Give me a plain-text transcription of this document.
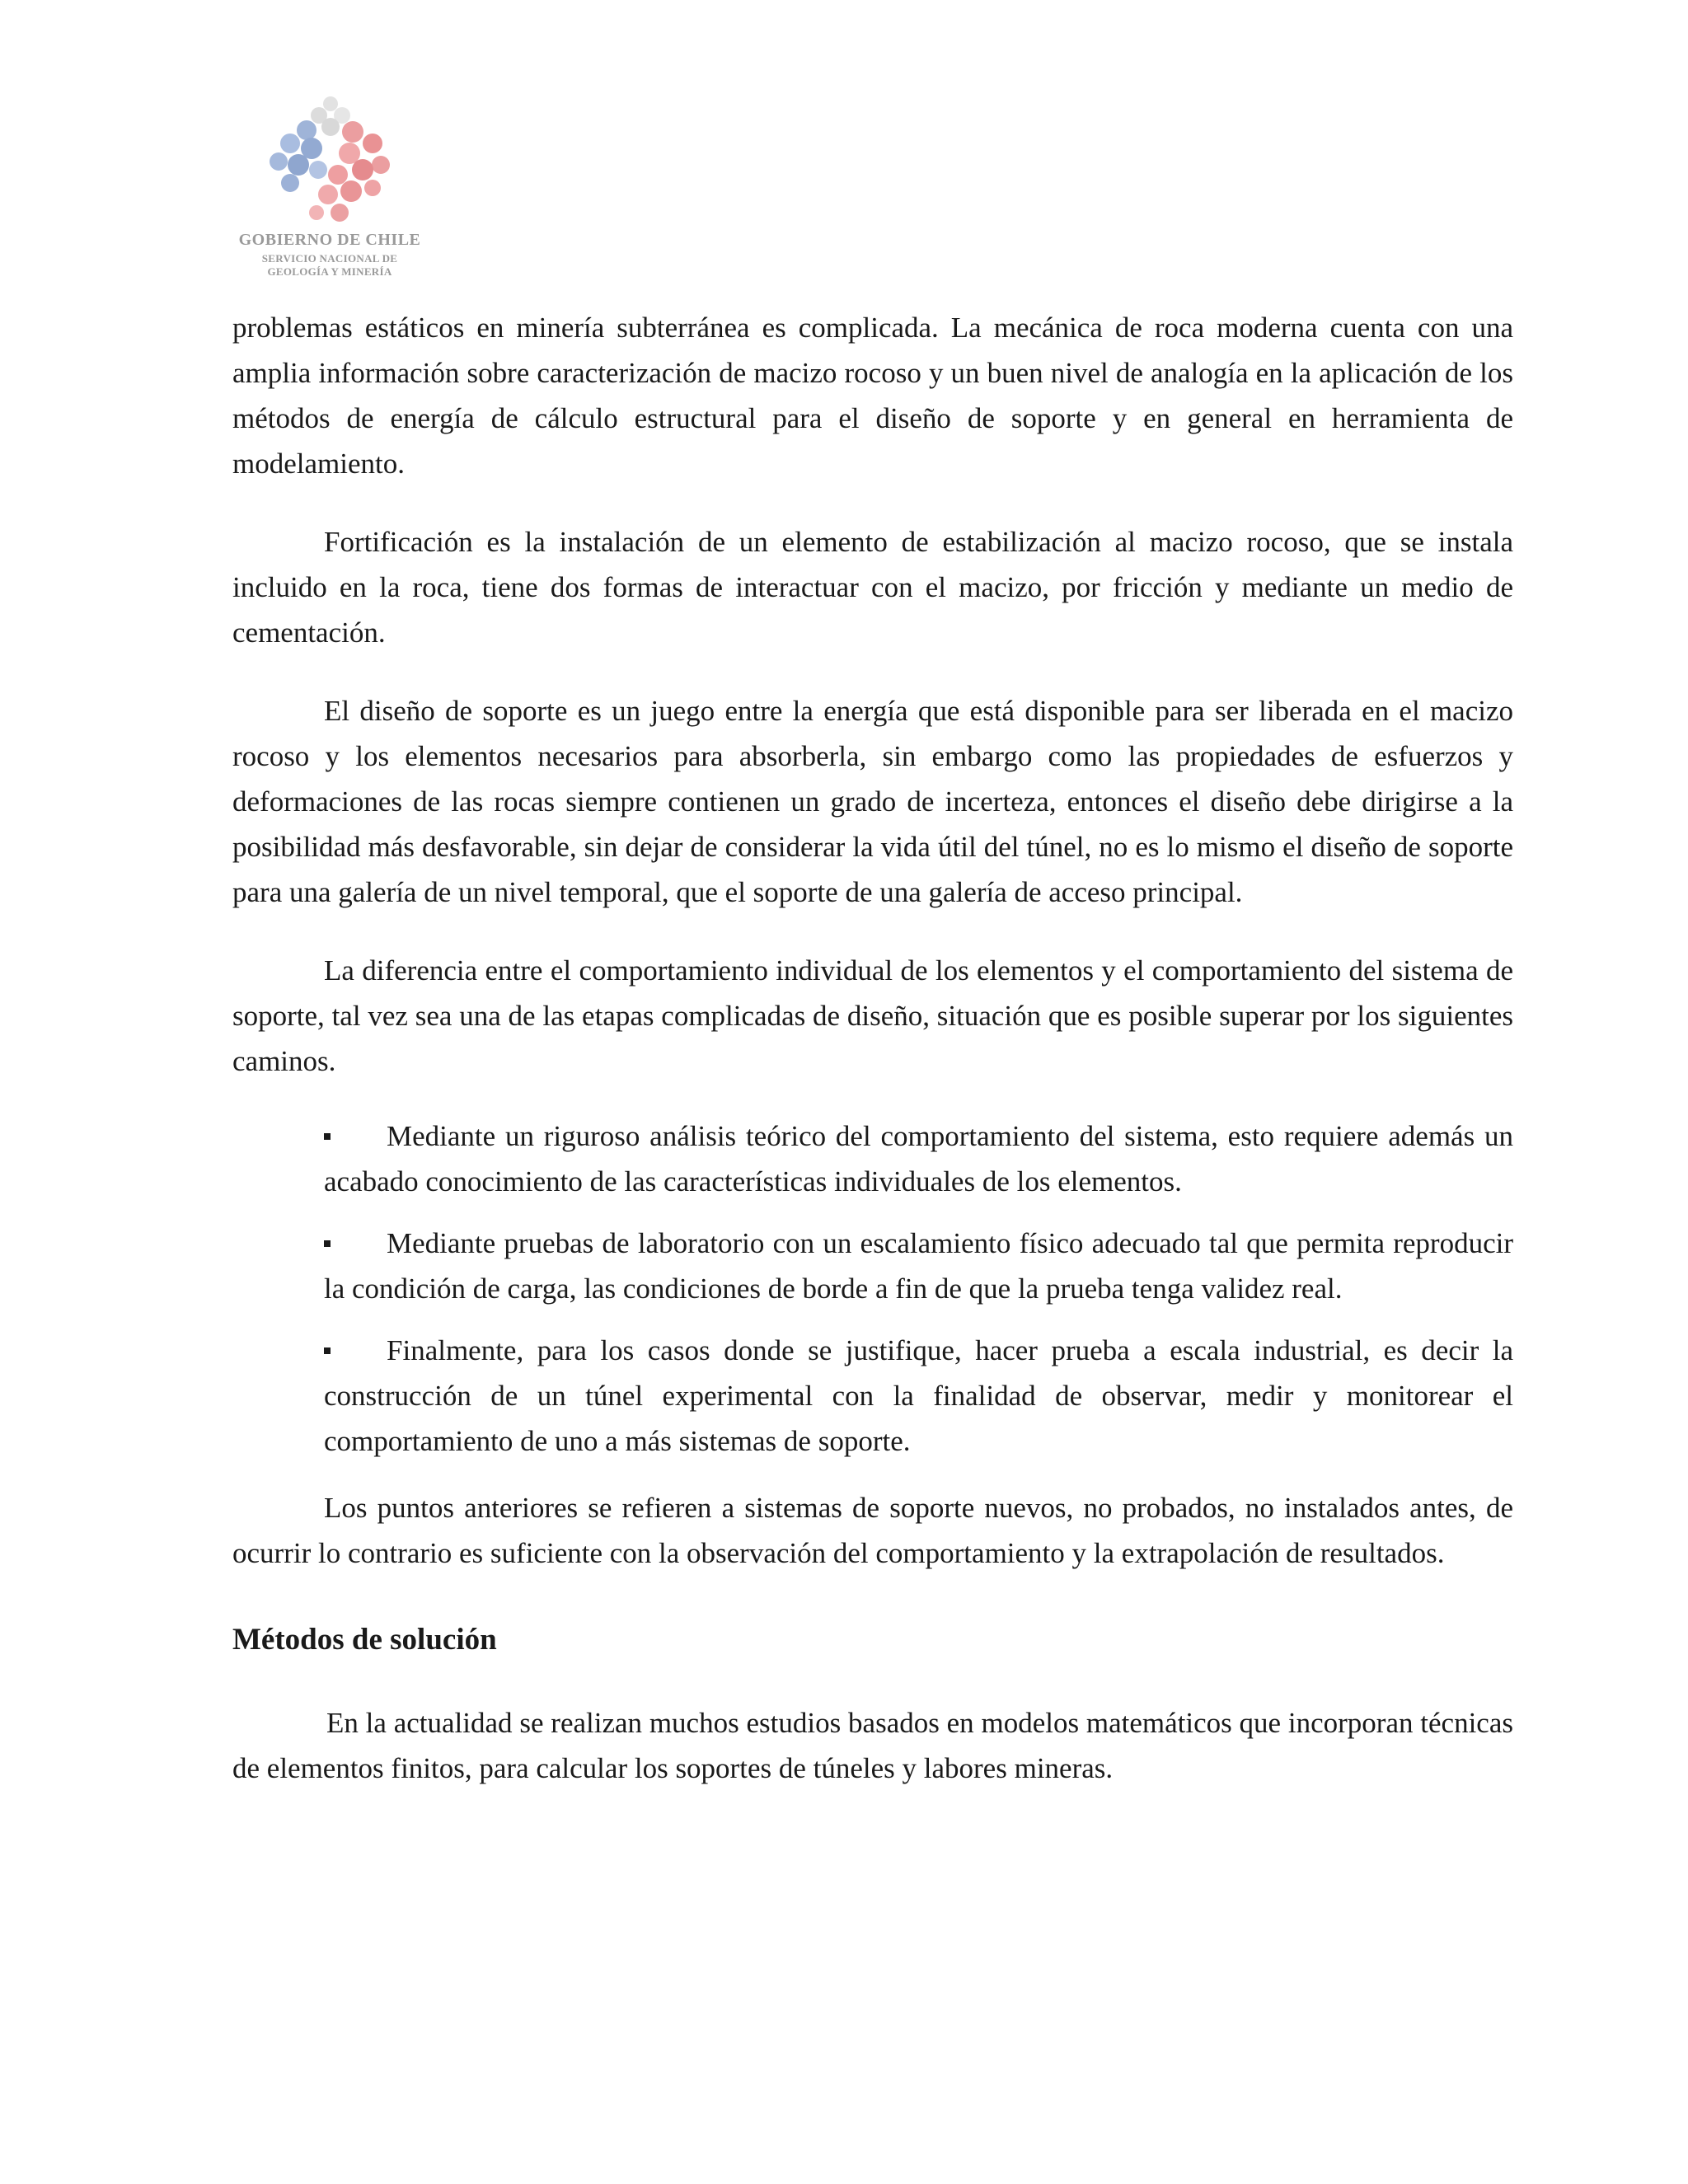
GOBIERNO DE CHILE
SERVICIO NACIONAL DE
GEOLOGÍA Y MINERÍA

problemas estáticos en minería subterránea es complicada. La mecánica de roca moderna cuenta con una amplia información sobre caracterización de macizo rocoso y un buen nivel de analogía en la aplicación de los métodos de energía de cálculo estructural para el diseño de soporte y en general en herramienta de modelamiento.

Fortificación es la instalación de un elemento de estabilización al macizo rocoso, que se instala incluido en la roca, tiene dos formas de interactuar con el macizo, por fricción y mediante un medio de cementación.

El diseño de soporte es un juego entre la energía que está disponible para ser liberada en el macizo rocoso y los elementos necesarios para absorberla, sin embargo como las propiedades de esfuerzos y deformaciones de las rocas siempre contienen un grado de incerteza, entonces el diseño debe dirigirse a la posibilidad más desfavorable, sin dejar de considerar la vida útil del túnel, no es lo mismo el diseño de soporte para una galería de un nivel temporal, que el soporte de una galería de acceso principal.

La diferencia entre el comportamiento individual de los elementos y el comportamiento del sistema de soporte, tal vez sea una de las etapas complicadas de diseño, situación que es posible superar por los siguientes caminos.

Mediante un riguroso análisis teórico del comportamiento del sistema, esto requiere además un acabado conocimiento de las características individuales de los elementos.
Mediante pruebas de laboratorio con un escalamiento físico adecuado tal que permita reproducir la condición de carga, las condiciones de borde a fin de que la prueba tenga validez real.
Finalmente, para los casos donde se justifique, hacer prueba a escala industrial, es decir la construcción de un túnel experimental con la finalidad de observar, medir y monitorear el comportamiento de uno a más sistemas de soporte.

Los puntos anteriores se refieren a sistemas de soporte nuevos, no probados, no instalados antes, de ocurrir lo contrario es suficiente con la observación del comportamiento y la extrapolación de resultados.

Métodos de solución

En la actualidad se realizan muchos estudios basados en modelos matemáticos que incorporan técnicas de elementos finitos, para calcular los soportes de túneles y labores mineras.
